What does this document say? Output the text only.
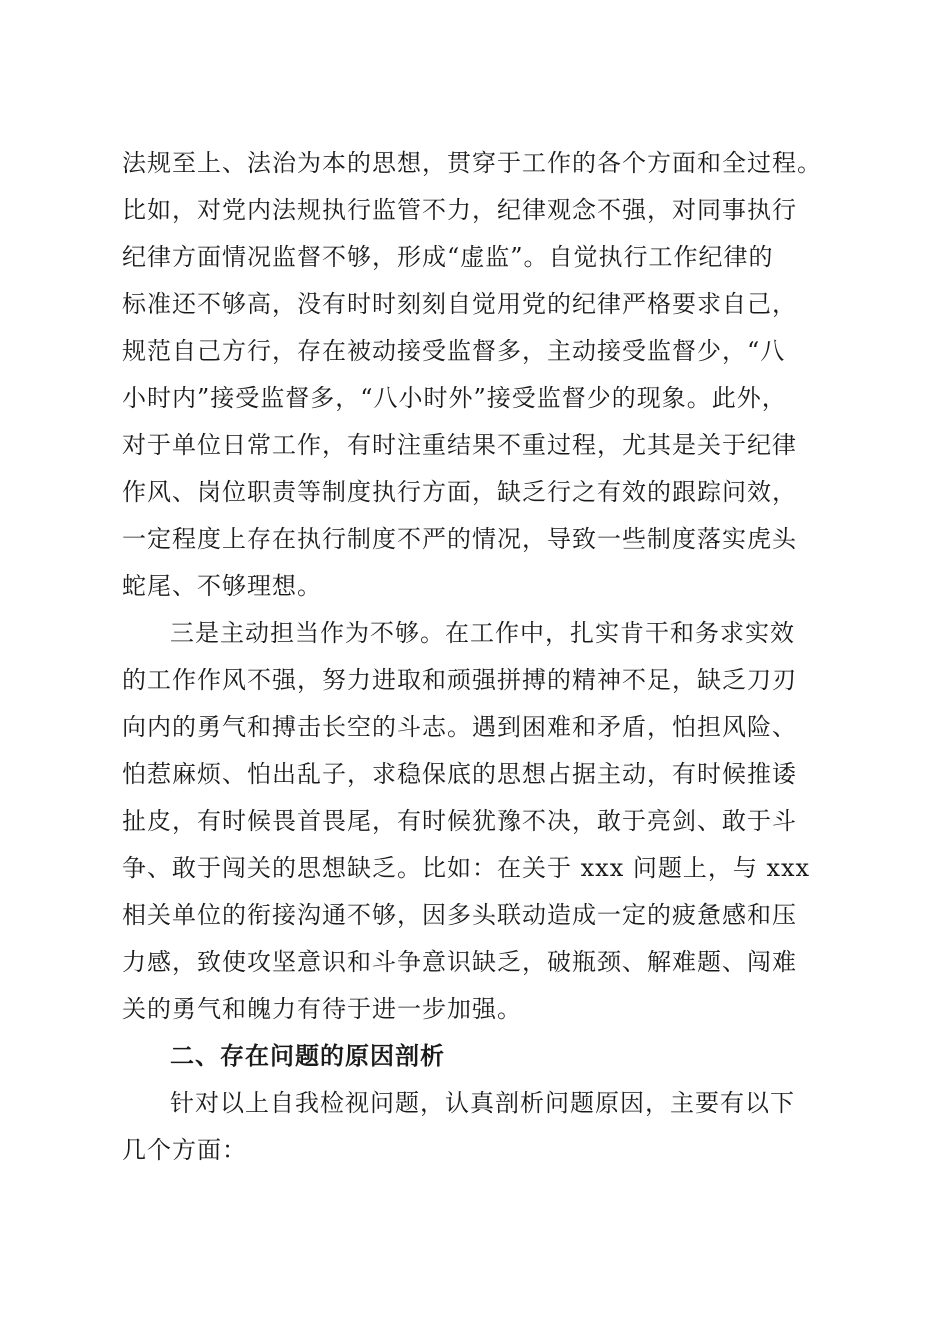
法规至上、法治为本的思想，贯穿于工作的各个方面和全过程。
比如，对党内法规执行监管不力，纪律观念不强，对同事执行
纪律方面情况监督不够，形成“虚监”。自觉执行工作纪律的
标准还不够高，没有时时刻刻自觉用党的纪律严格要求自己，
规范自己方行，存在被动接受监督多，主动接受监督少，“八
小时内”接受监督多，“八小时外”接受监督少的现象。此外，
对于单位日常工作，有时注重结果不重过程，尤其是关于纪律
作风、岗位职责等制度执行方面，缺乏行之有效的跟踪问效，
一定程度上存在执行制度不严的情况，导致一些制度落实虎头
蛇尾、不够理想。
三是主动担当作为不够。在工作中，扎实肯干和务求实效
的工作作风不强，努力进取和顽强拼搏的精神不足，缺乏刀刃
向内的勇气和搏击长空的斗志。遇到困难和矛盾，怕担风险、
怕惹麻烦、怕出乱子，求稳保底的思想占据主动，有时候推诿
扯皮，有时候畏首畏尾，有时候犹豫不决，敢于亮剑、敢于斗
争、敢于闯关的思想缺乏。比如：在关于 xxx 问题上，与 xxx
相关单位的衔接沟通不够，因多头联动造成一定的疲惫感和压
力感，致使攻坚意识和斗争意识缺乏，破瓶颈、解难题、闯难
关的勇气和魄力有待于进一步加强。
二、存在问题的原因剖析
针对以上自我检视问题，认真剖析问题原因，主要有以下
几个方面：
